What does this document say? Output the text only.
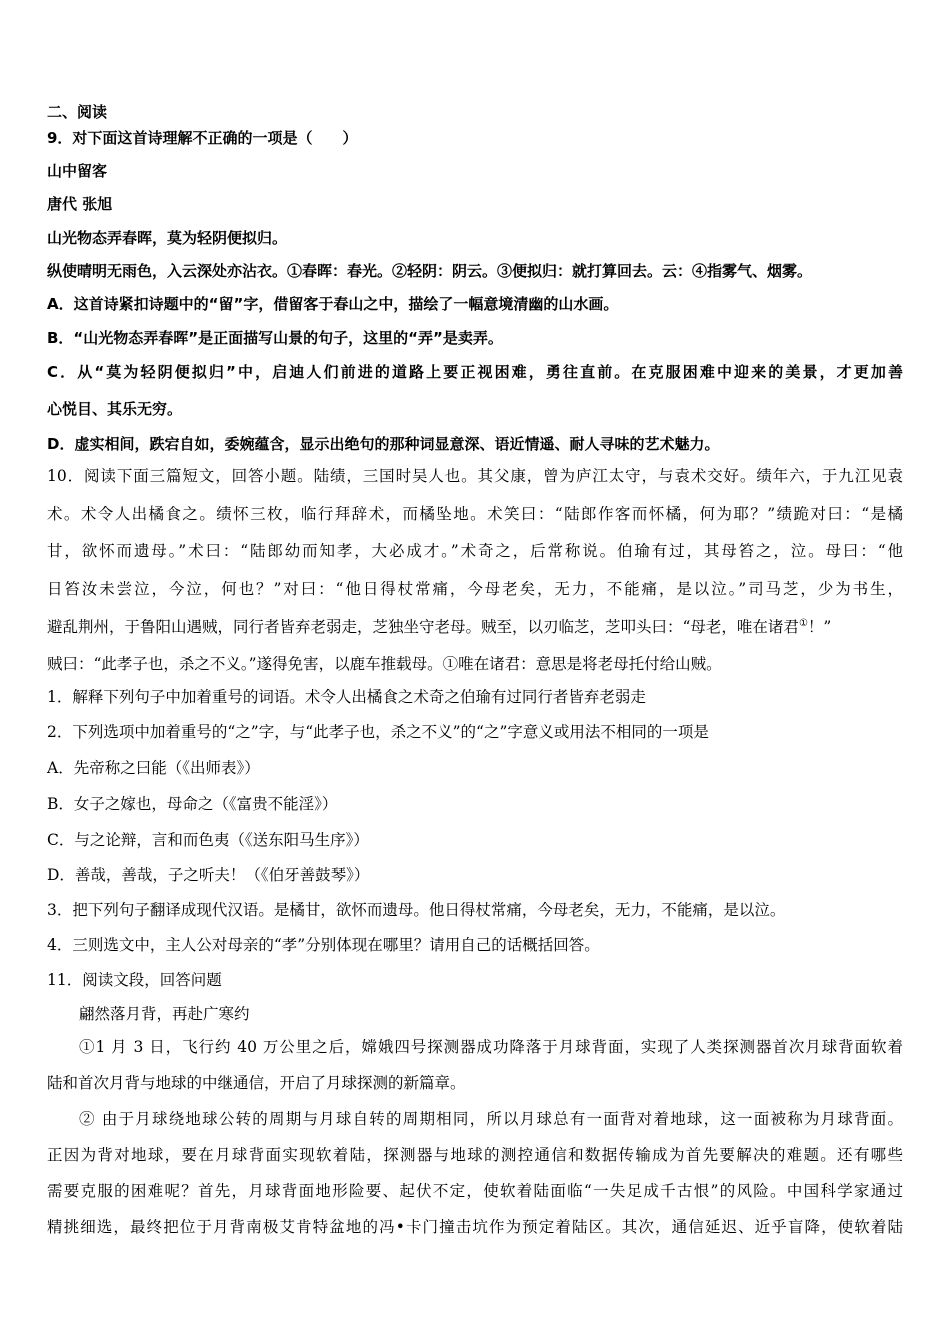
二、阅读
9．对下面这首诗理解不正确的一项是（　　）
山中留客
唐代 张旭
山光物态弄春晖，莫为轻阴便拟归。
纵使晴明无雨色，入云深处亦沾衣。①春晖：春光。②轻阴：阴云。③便拟归：就打算回去。云：④指雾气、烟雾。
A．这首诗紧扣诗题中的“留”字，借留客于春山之中，描绘了一幅意境清幽的山水画。
B．“山光物态弄春晖”是正面描写山景的句子，这里的“弄”是卖弄。
C．从“莫为轻阴便拟归”中，启迪人们前进的道路上要正视困难，勇往直前。在克服困难中迎来的美景，才更加善
心悦目、其乐无穷。
D．虚实相间，跌宕自如，委婉蕴含，显示出绝句的那种词显意深、语近情遥、耐人寻味的艺术魅力。
10．阅读下面三篇短文，回答小题。陆绩，三国时吴人也。其父康，曾为庐江太守，与袁术交好。绩年六，于九江见袁
术。术令人出橘食之。绩怀三枚，临行拜辞术，而橘坠地。术笑曰：“陆郎作客而怀橘，何为耶？”绩跪对曰：“是橘
甘，欲怀而遗母。”术曰：“陆郎幼而知孝，大必成才。”术奇之，后常称说。伯瑜有过，其母笞之，泣。母曰：“他
日笞汝未尝泣，今泣，何也？”对曰：“他日得杖常痛，今母老矣，无力，不能痛，是以泣。”司马芝，少为书生，
避乱荆州，于鲁阳山遇贼，同行者皆弃老弱走，芝独坐守老母。贼至，以刃临芝，芝叩头曰：“母老，唯在诸君①！”
贼曰：“此孝子也，杀之不义。”遂得免害，以鹿车推载母。①唯在诸君：意思是将老母托付给山贼。
1．解释下列句子中加着重号的词语。术令人出橘食之术奇之伯瑜有过同行者皆弃老弱走
2．下列选项中加着重号的“之”字，与“此孝子也，杀之不义”的“之”字意义或用法不相同的一项是
A．先帝称之曰能（《出师表》）
B．女子之嫁也，母命之（《富贵不能淫》）
C．与之论辩，言和而色夷（《送东阳马生序》）
D．善哉，善哉，子之听夫！（《伯牙善鼓琴》）
3．把下列句子翻译成现代汉语。是橘甘，欲怀而遗母。他日得杖常痛，今母老矣，无力，不能痛，是以泣。
4．三则选文中，主人公对母亲的“孝”分别体现在哪里？请用自己的话概括回答。
11．阅读文段，回答问题
翩然落月背，再赴广寒约
①1 月 3 日，飞行约 40 万公里之后，嫦娥四号探测器成功降落于月球背面，实现了人类探测器首次月球背面软着
陆和首次月背与地球的中继通信，开启了月球探测的新篇章。
② 由于月球绕地球公转的周期与月球自转的周期相同，所以月球总有一面背对着地球，这一面被称为月球背面。
正因为背对地球，要在月球背面实现软着陆，探测器与地球的测控通信和数据传输成为首先要解决的难题。还有哪些
需要克服的困难呢？首先，月球背面地形险要、起伏不定，使软着陆面临“一失足成千古恨”的风险。中国科学家通过
精挑细选，最终把位于月背南极艾肯特盆地的冯•卡门撞击坑作为预定着陆区。其次，通信延迟、近乎盲降，使软着陆
